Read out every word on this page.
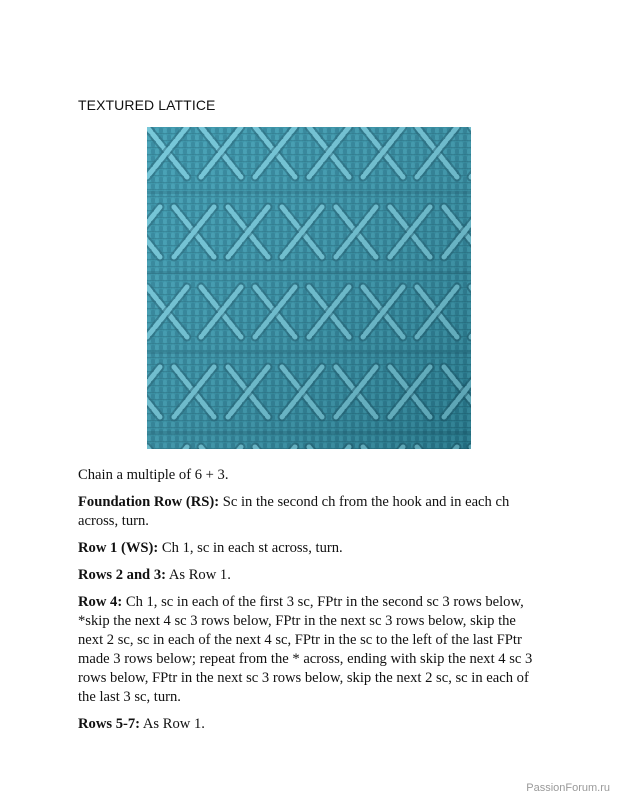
TEXTURED LATTICE

Chain a multiple of 6 + 3.

Foundation Row (RS): Sc in the second ch from the hook and in each ch across, turn.

Row 1 (WS): Ch 1, sc in each st across, turn.

Rows 2 and 3: As Row 1.

Row 4: Ch 1, sc in each of the first 3 sc, FPtr in the second sc 3 rows below, *skip the next 4 sc 3 rows below, FPtr in the next sc 3 rows below, skip the next 2 sc, sc in each of the next 4 sc, FPtr in the sc to the left of the last FPtr made 3 rows below; repeat from the * across, ending with skip the next 4 sc 3 rows below, FPtr in the next sc 3 rows below, skip the next 2 sc, sc in each of the last 3 sc, turn.

Rows 5-7: As Row 1.

PassionForum.ru
